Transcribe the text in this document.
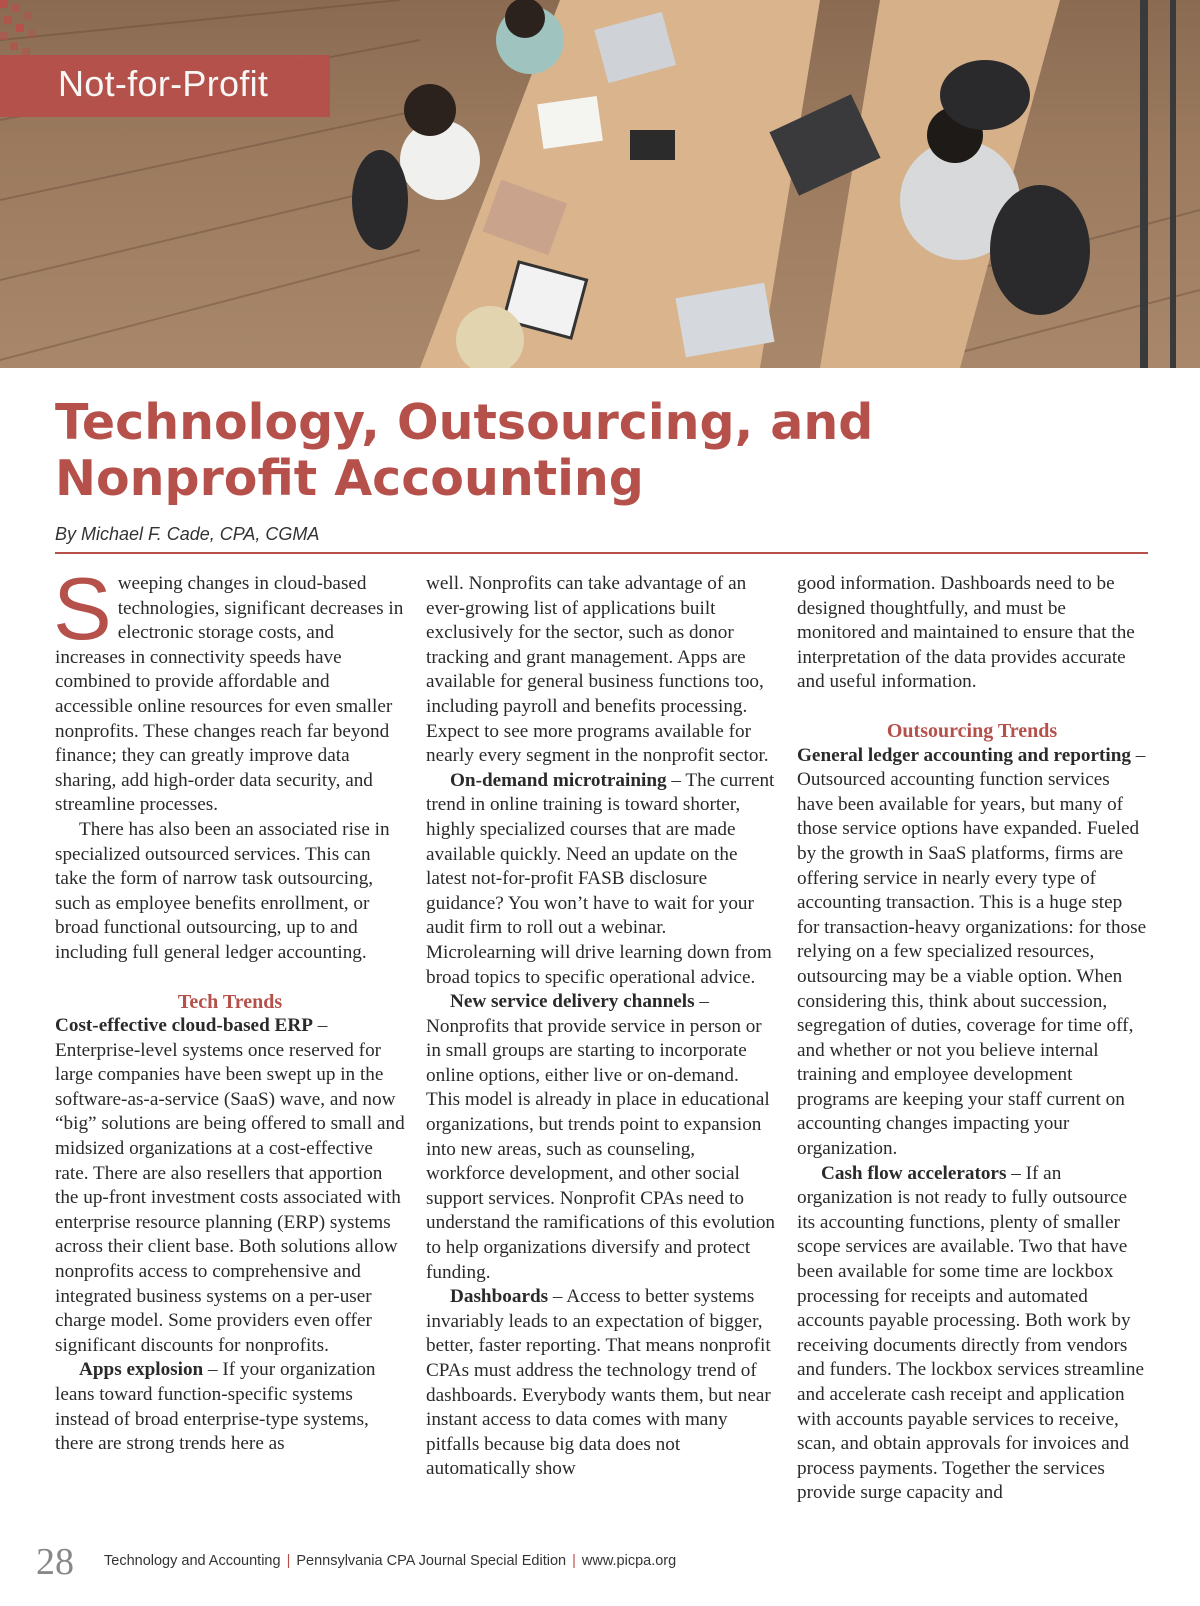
Not-for-Profit
Technology, Outsourcing, and
Nonprofit Accounting
By Michael F. Cade, CPA, CGMA

Sweeping changes in cloud-based technologies, significant decreases in electronic storage costs, and increases in connectivity speeds have combined to provide affordable and accessible online resources for even smaller nonprofits. These changes reach far beyond finance; they can greatly improve data sharing, add high-order data security, and streamline processes.

There has also been an associated rise in specialized outsourced services. This can take the form of narrow task outsourcing, such as employee benefits enrollment, or broad functional outsourcing, up to and including full general ledger accounting.

Tech Trends

Cost-effective cloud-based ERP – Enterprise-level systems once reserved for large companies have been swept up in the software-as-a-service (SaaS) wave, and now “big” solutions are being offered to small and midsized organizations at a cost-effective rate. There are also resellers that apportion the up-front investment costs associated with enterprise resource planning (ERP) systems across their client base. Both solutions allow nonprofits access to comprehensive and integrated business systems on a per-user charge model. Some providers even offer significant discounts for nonprofits.

Apps explosion – If your organization leans toward function-specific systems instead of broad enterprise-type systems, there are strong trends here as

well. Nonprofits can take advantage of an ever-growing list of applications built exclusively for the sector, such as donor tracking and grant management. Apps are available for general business functions too, including payroll and benefits processing. Expect to see more programs available for nearly every segment in the nonprofit sector.

On-demand microtraining – The current trend in online training is toward shorter, highly specialized courses that are made available quickly. Need an update on the latest not-for-profit FASB disclosure guidance? You won’t have to wait for your audit firm to roll out a webinar. Microlearning will drive learning down from broad topics to specific operational advice.

New service delivery channels – Nonprofits that provide service in person or in small groups are starting to incorporate online options, either live or on-demand. This model is already in place in educational organizations, but trends point to expansion into new areas, such as counseling, workforce development, and other social support services. Nonprofit CPAs need to understand the ramifications of this evolution to help organizations diversify and protect funding.

Dashboards – Access to better systems invariably leads to an expectation of bigger, better, faster reporting. That means nonprofit CPAs must address the technology trend of dashboards. Everybody wants them, but near instant access to data comes with many pitfalls because big data does not automatically show

good information. Dashboards need to be designed thoughtfully, and must be monitored and maintained to ensure that the interpretation of the data provides accurate and useful information.

Outsourcing Trends

General ledger accounting and reporting – Outsourced accounting function services have been available for years, but many of those service options have expanded. Fueled by the growth in SaaS platforms, firms are offering service in nearly every type of accounting transaction. This is a huge step for transaction-heavy organizations: for those relying on a few specialized resources, outsourcing may be a viable option. When considering this, think about succession, segregation of duties, coverage for time off, and whether or not you believe internal training and employee development programs are keeping your staff current on accounting changes impacting your organization.

Cash flow accelerators – If an organization is not ready to fully outsource its accounting functions, plenty of smaller scope services are available. Two that have been available for some time are lockbox processing for receipts and automated accounts payable processing. Both work by receiving documents directly from vendors and funders. The lockbox services streamline and accelerate cash receipt and application with accounts payable services to receive, scan, and obtain approvals for invoices and process payments. Together the services provide surge capacity and

28 Technology and Accounting | Pennsylvania CPA Journal Special Edition | www.picpa.org
